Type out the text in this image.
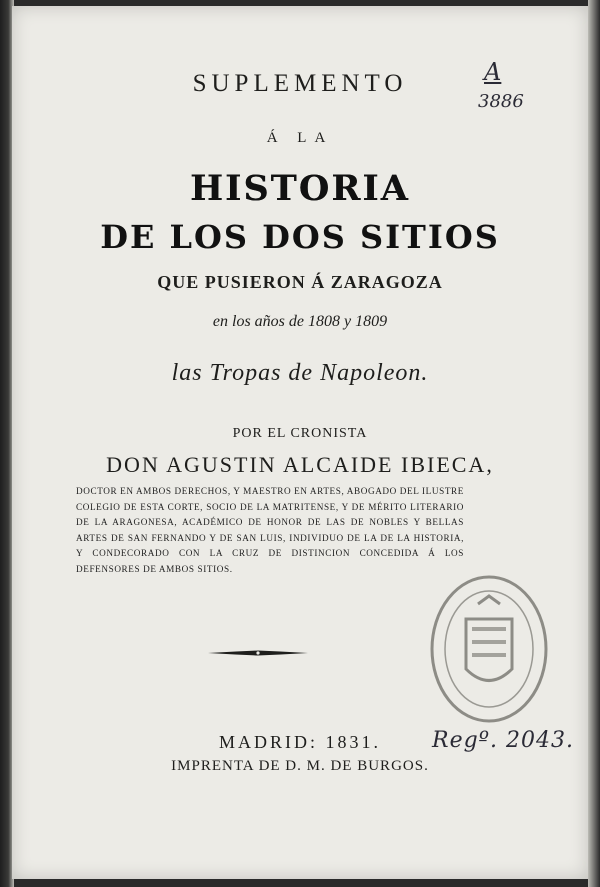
SUPLEMENTO
Á LA
HISTORIA
DE LOS DOS SITIOS
QUE PUSIERON Á ZARAGOZA
en los años de 1808 y 1809
las Tropas de Napoleon.
POR EL CRONISTA
DON AGUSTIN ALCAIDE IBIECA,
DOCTOR EN AMBOS DERECHOS, Y MAESTRO EN ARTES, ABOGADO DEL ILUSTRE COLEGIO DE ESTA CORTE, SOCIO DE LA MATRITENSE, Y DE MÉRITO LITERARIO DE LA ARAGONESA, ACADÉMICO DE HONOR DE LAS DE NOBLES Y BELLAS ARTES DE SAN FERNANDO Y DE SAN LUIS, INDIVIDUO DE LA DE LA HISTORIA, Y CONDECORADO CON LA CRUZ DE DISTINCION CONCEDIDA Á LOS DEFENSORES DE AMBOS SITIOS.
MADRID: 1831.
IMPRENTA DE D. M. DE BURGOS.
A
3886
Regº. 2043.
